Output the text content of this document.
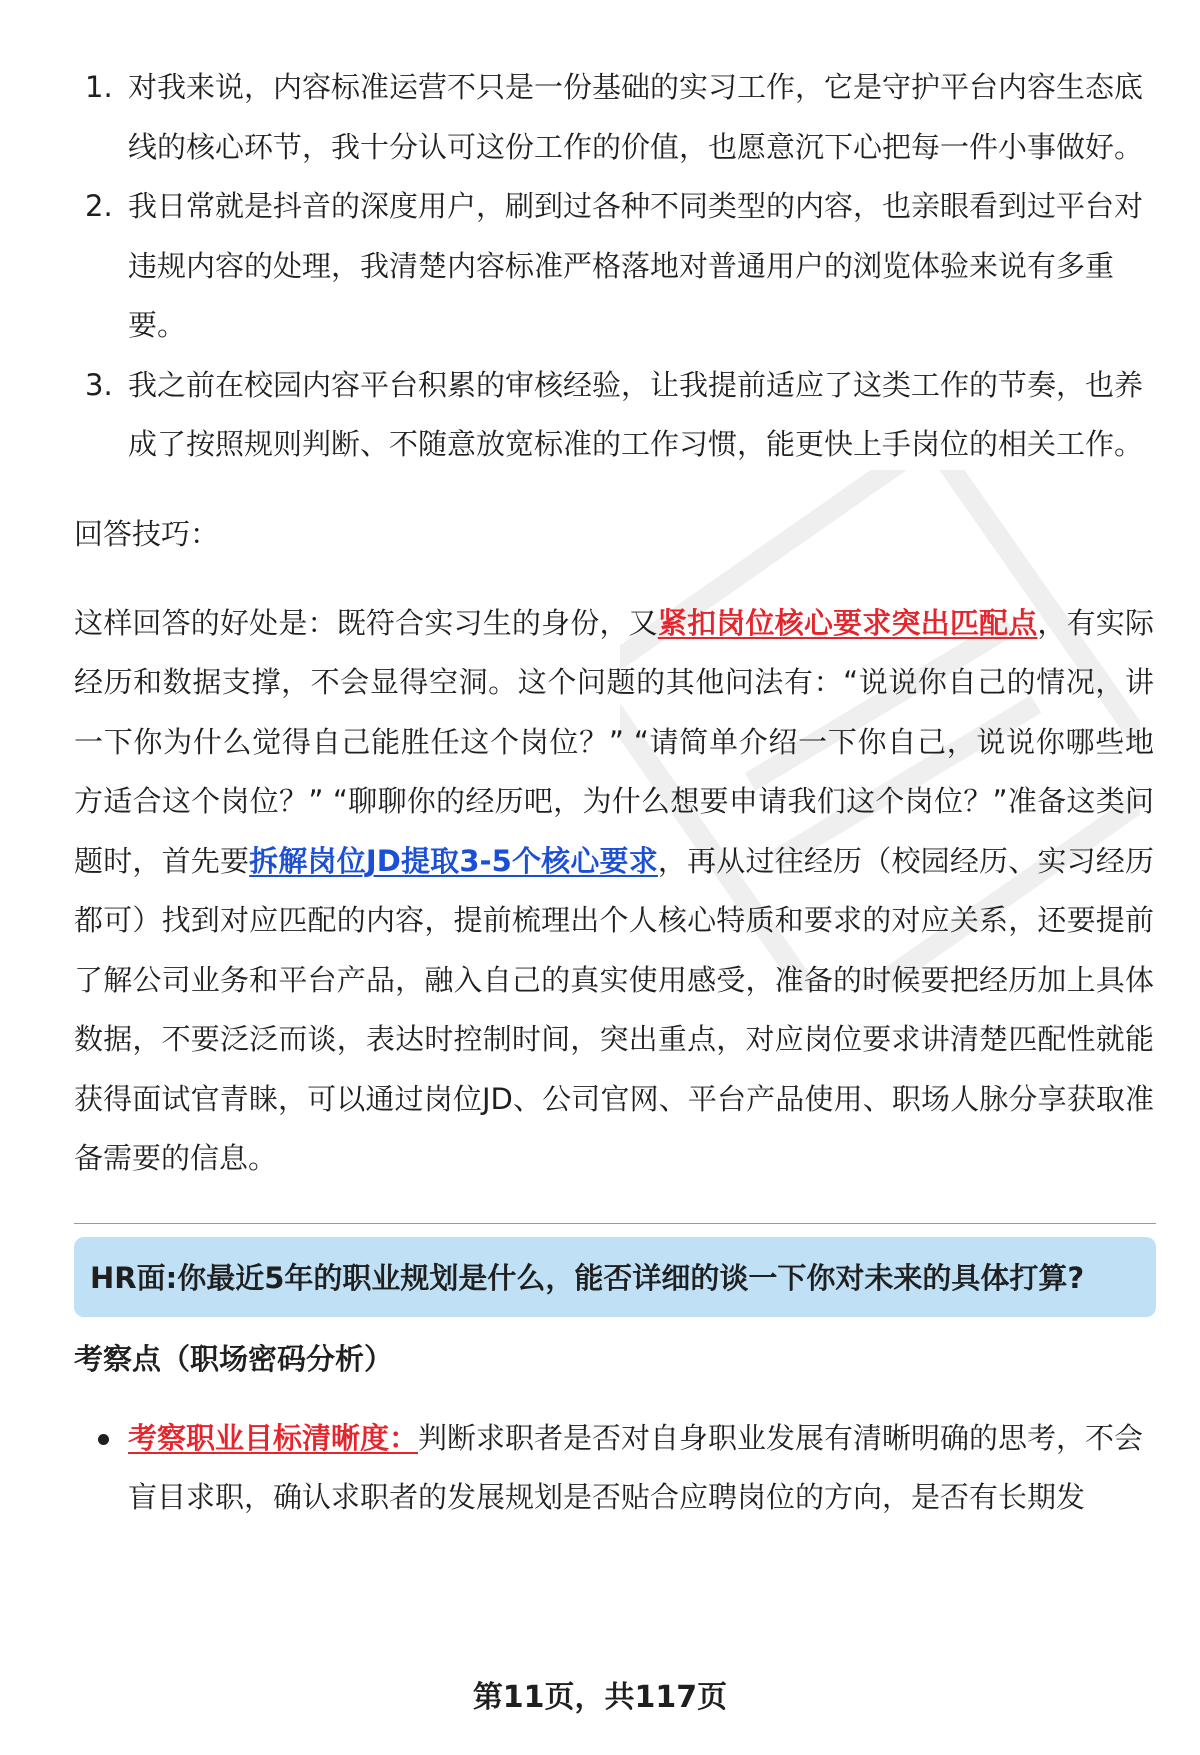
1. 对我来说，内容标准运营不只是一份基础的实习工作，它是守护平台内容生态底线的核心环节，我十分认可这份工作的价值，也愿意沉下心把每一件小事做好。
2. 我日常就是抖音的深度用户，刷到过各种不同类型的内容，也亲眼看到过平台对违规内容的处理，我清楚内容标准严格落地对普通用户的浏览体验来说有多重要。
3. 我之前在校园内容平台积累的审核经验，让我提前适应了这类工作的节奏，也养成了按照规则判断、不随意放宽标准的工作习惯，能更快上手岗位的相关工作。
回答技巧：
这样回答的好处是：既符合实习生的身份，又紧扣岗位核心要求突出匹配点，有实际经历和数据支撑，不会显得空洞。这个问题的其他问法有：“说说你自己的情况，讲一下你为什么觉得自己能胜任这个岗位？” “请简单介绍一下你自己，说说你哪些地方适合这个岗位？” “聊聊你的经历吧，为什么想要申请我们这个岗位？”准备这类问题时，首先要拆解岗位JD提取3-5个核心要求，再从过往经历（校园经历、实习经历都可）找到对应匹配的内容，提前梳理出个人核心特质和要求的对应关系，还要提前了解公司业务和平台产品，融入自己的真实使用感受，准备的时候要把经历加上具体数据，不要泛泛而谈，表达时控制时间，突出重点，对应岗位要求讲清楚匹配性就能获得面试官青睐，可以通过岗位JD、公司官网、平台产品使用、职场人脉分享获取准备需要的信息。
HR面:你最近5年的职业规划是什么，能否详细的谈一下你对未来的具体打算?
考察点（职场密码分析）
考察职业目标清晰度：判断求职者是否对自身职业发展有清晰明确的思考，不会盲目求职，确认求职者的发展规划是否贴合应聘岗位的方向，是否有长期发
第11页，共117页
